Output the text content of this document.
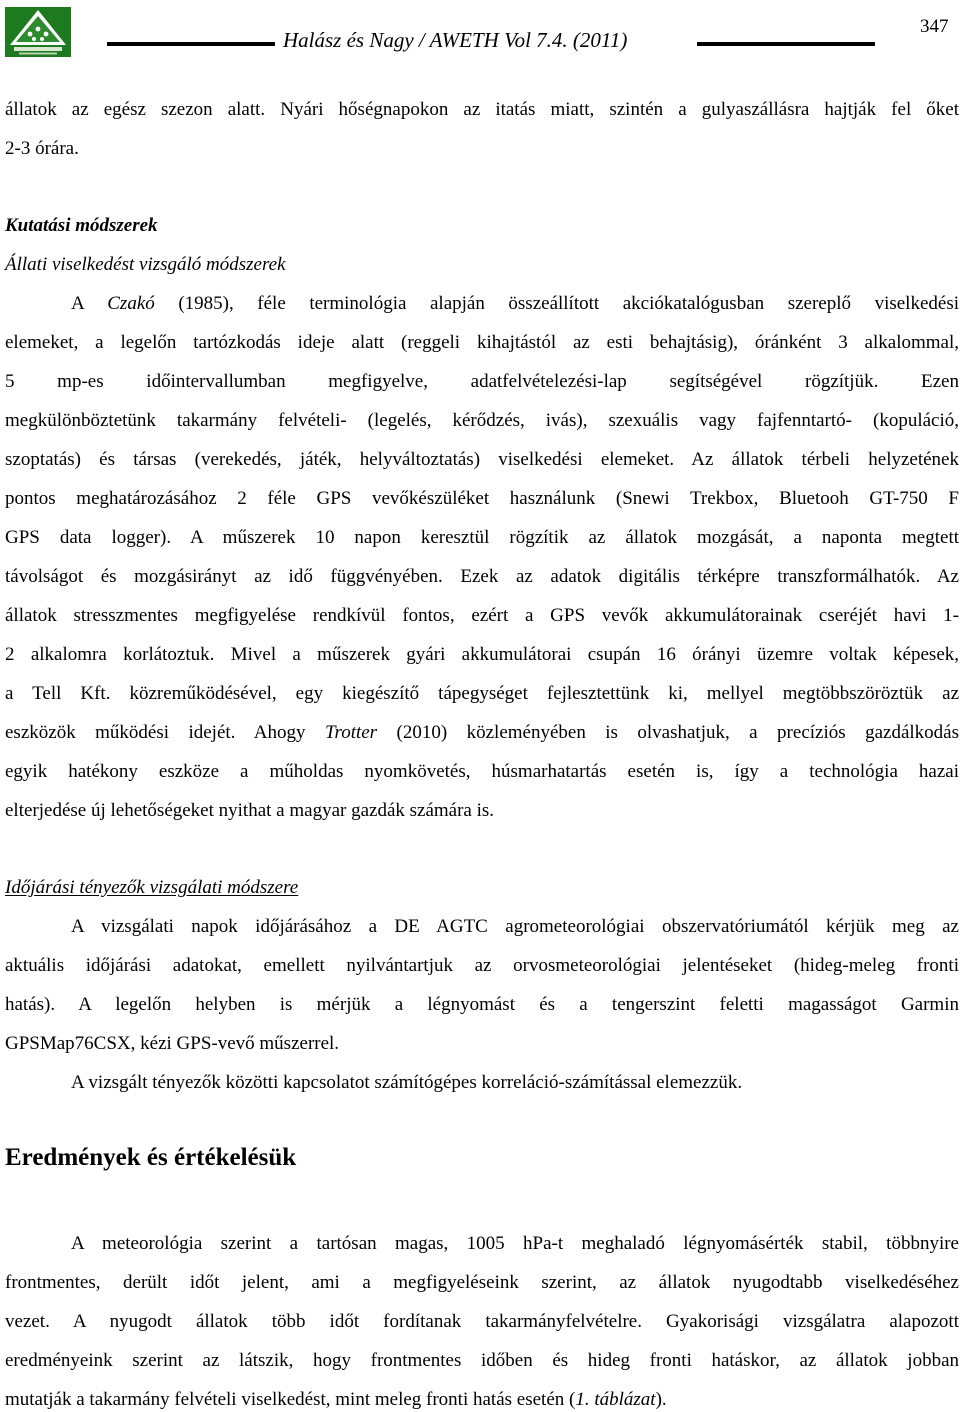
Halász és Nagy / AWETH Vol 7.4. (2011)
347
állatok az egész szezon alatt. Nyári hőségnapokon az itatás miatt, szintén a gulyaszállásra hajtják fel őket
2-3 órára.
Kutatási módszerek
Állati viselkedést vizsgáló módszerek
A Czakó (1985), féle terminológia alapján összeállított akciókatalógusban szereplő viselkedési
elemeket, a legelőn tartózkodás ideje alatt (reggeli kihajtástól az esti behajtásig), óránként 3 alkalommal,
5 mp-es időintervallumban megfigyelve, adatfelvételezési-lap segítségével rögzítjük. Ezen
megkülönböztetünk takarmány felvételi- (legelés, kérődzés, ivás), szexuális vagy fajfenntartó- (kopuláció,
szoptatás) és társas (verekedés, játék, helyváltoztatás) viselkedési elemeket. Az állatok térbeli helyzetének
pontos meghatározásához 2 féle GPS vevőkészüléket használunk (Snewi Trekbox, Bluetooh GT-750 F
GPS data logger). A műszerek 10 napon keresztül rögzítik az állatok mozgását, a naponta megtett
távolságot és mozgásirányt az idő függvényében. Ezek az adatok digitális térképre transzformálhatók. Az
állatok stresszmentes megfigyelése rendkívül fontos, ezért a GPS vevők akkumulátorainak cseréjét havi 1-
2 alkalomra korlátoztuk. Mivel a műszerek gyári akkumulátorai csupán 16 órányi üzemre voltak képesek,
a Tell Kft. közreműködésével, egy kiegészítő tápegységet fejlesztettünk ki, mellyel megtöbbszöröztük az
eszközök működési idejét. Ahogy Trotter (2010) közleményében is olvashatjuk, a precíziós gazdálkodás
egyik hatékony eszköze a műholdas nyomkövetés, húsmarhatartás esetén is, így a technológia hazai
elterjedése új lehetőségeket nyithat a magyar gazdák számára is.
Időjárási tényezők vizsgálati módszere
A vizsgálati napok időjárásához a DE AGTC agrometeorológiai obszervatóriumától kérjük meg az
aktuális időjárási adatokat, emellett nyilvántartjuk az orvosmeteorológiai jelentéseket (hideg-meleg fronti
hatás). A legelőn helyben is mérjük a légnyomást és a tengerszint feletti magasságot Garmin
GPSMap76CSX, kézi GPS-vevő műszerrel.
A vizsgált tényezők közötti kapcsolatot számítógépes korreláció-számítással elemezzük.
Eredmények és értékelésük
A meteorológia szerint a tartósan magas, 1005 hPa-t meghaladó légnyomásérték stabil, többnyire
frontmentes, derült időt jelent, ami a megfigyeléseink szerint, az állatok nyugodtabb viselkedéséhez
vezet. A nyugodt állatok több időt fordítanak takarmányfelvételre. Gyakorisági vizsgálatra alapozott
eredményeink szerint az látszik, hogy frontmentes időben és hideg fronti hatáskor, az állatok jobban
mutatják a takarmány felvételi viselkedést, mint meleg fronti hatás esetén (1. táblázat).
